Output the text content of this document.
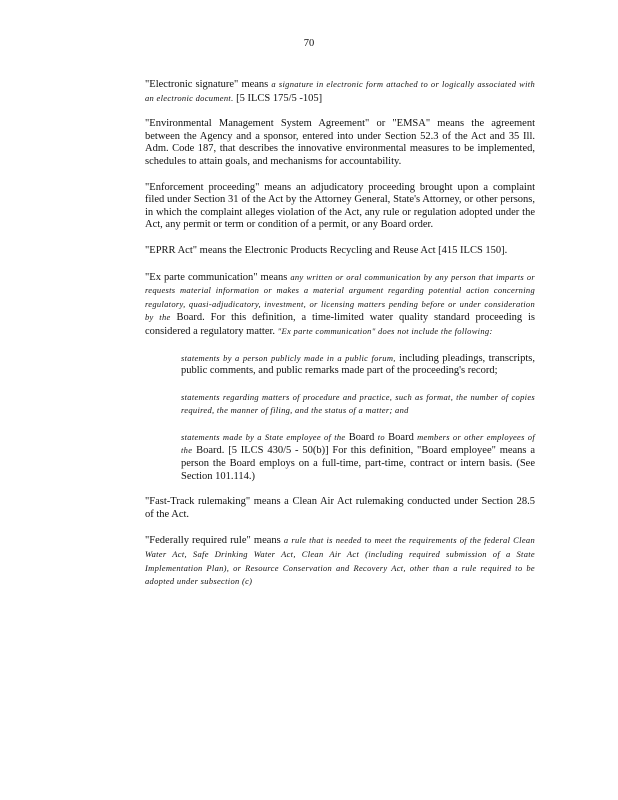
70

"Electronic signature" means a signature in electronic form attached to or logically associated with an electronic document. [5 ILCS 175/5 -105]

"Environmental Management System Agreement" or "EMSA" means the agreement between the Agency and a sponsor, entered into under Section 52.3 of the Act and 35 Ill. Adm. Code 187, that describes the innovative environmental measures to be implemented, schedules to attain goals, and mechanisms for accountability.

"Enforcement proceeding" means an adjudicatory proceeding brought upon a complaint filed under Section 31 of the Act by the Attorney General, State's Attorney, or other persons, in which the complaint alleges violation of the Act, any rule or regulation adopted under the Act, any permit or term or condition of a permit, or any Board order.

"EPRR Act" means the Electronic Products Recycling and Reuse Act [415 ILCS 150].

"Ex parte communication" means any written or oral communication by any person that imparts or requests material information or makes a material argument regarding potential action concerning regulatory, quasi-adjudicatory, investment, or licensing matters pending before or under consideration by the Board. For this definition, a time-limited water quality standard proceeding is considered a regulatory matter. "Ex parte communication" does not include the following:

statements by a person publicly made in a public forum, including pleadings, transcripts, public comments, and public remarks made part of the proceeding's record;

statements regarding matters of procedure and practice, such as format, the number of copies required, the manner of filing, and the status of a matter; and

statements made by a State employee of the Board to Board members or other employees of the Board. [5 ILCS 430/5 - 50(b)] For this definition, "Board employee" means a person the Board employs on a full-time, part-time, contract or intern basis. (See Section 101.114.)

"Fast-Track rulemaking" means a Clean Air Act rulemaking conducted under Section 28.5 of the Act.

"Federally required rule" means a rule that is needed to meet the requirements of the federal Clean Water Act, Safe Drinking Water Act, Clean Air Act (including required submission of a State Implementation Plan), or Resource Conservation and Recovery Act, other than a rule required to be adopted under subsection (c)
